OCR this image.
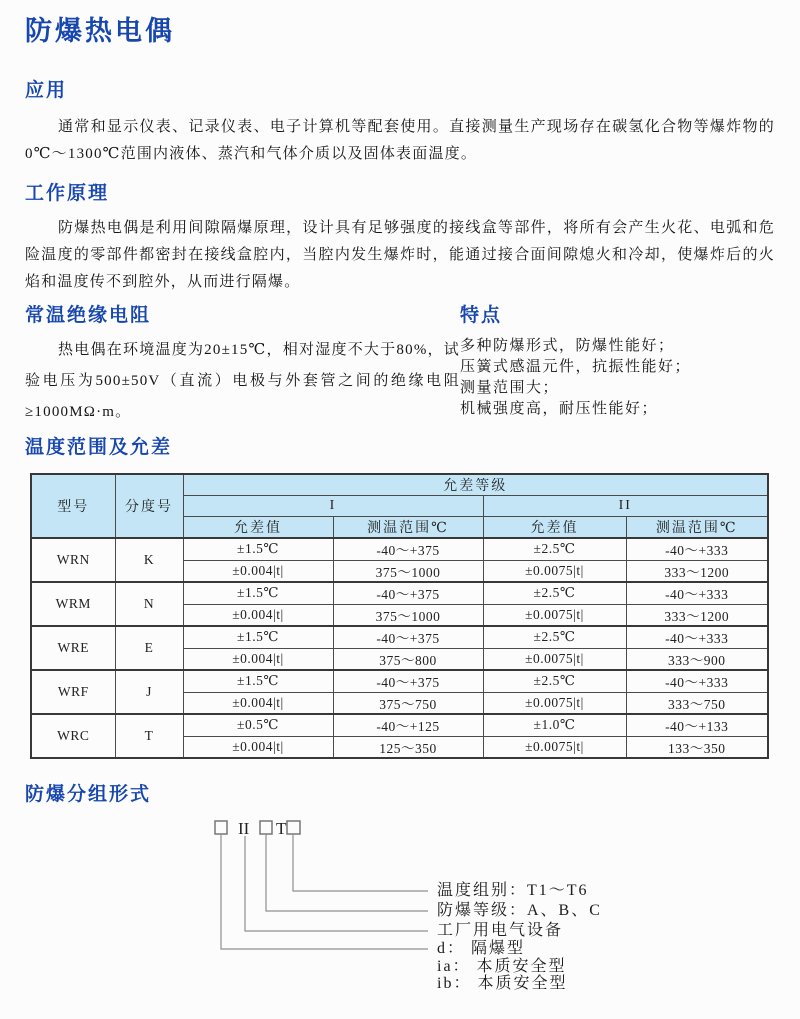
防爆热电偶
应用

通常和显示仪表、记录仪表、电子计算机等配套使用。直接测量生产现场存在碳氢化合物等爆炸物的0℃～1300℃范围内液体、蒸汽和气体介质以及固体表面温度。

工作原理

防爆热电偶是利用间隙隔爆原理，设计具有足够强度的接线盒等部件，将所有会产生火花、电弧和危险温度的零部件都密封在接线盒腔内，当腔内发生爆炸时，能通过接合面间隙熄火和冷却，使爆炸后的火焰和温度传不到腔外，从而进行隔爆。

常温绝缘电阻

热电偶在环境温度为20±15℃，相对湿度不大于80%，试验电压为500±50V（直流）电极与外套管之间的绝缘电阻≥1000MΩ·m。

特点

多种防爆形式，防爆性能好；

压簧式感温元件，抗振性能好；

测量范围大；

机械强度高，耐压性能好；

温度范围及允差
型号	分度号	允差等级			
		I		II	
		允差值	测温范围℃	允差值	测温范围℃
WRN	K	±1.5℃	-40～+375	±2.5℃	-40～+333
		±0.004|t|	375～1000	±0.0075|t|	333～1200
WRM	N	±1.5℃	-40～+375	±2.5℃	-40～+333
		±0.004|t|	375～1000	±0.0075|t|	333～1200
WRE	E	±1.5℃	-40～+375	±2.5℃	-40～+333
		±0.004|t|	375～800	±0.0075|t|	333～900
WRF	J	±1.5℃	-40～+375	±2.5℃	-40～+333
		±0.004|t|	375～750	±0.0075|t|	333～750
WRC	T	±0.5℃	-40～+125	±1.0℃	-40～+133
		±0.004|t|	125～350	±0.0075|t|	133～350
防爆分组形式
II T
温度组别：T1～T6
防爆等级：A、B、C
工厂用电气设备
d： 隔爆型
ia： 本质安全型
ib： 本质安全型
